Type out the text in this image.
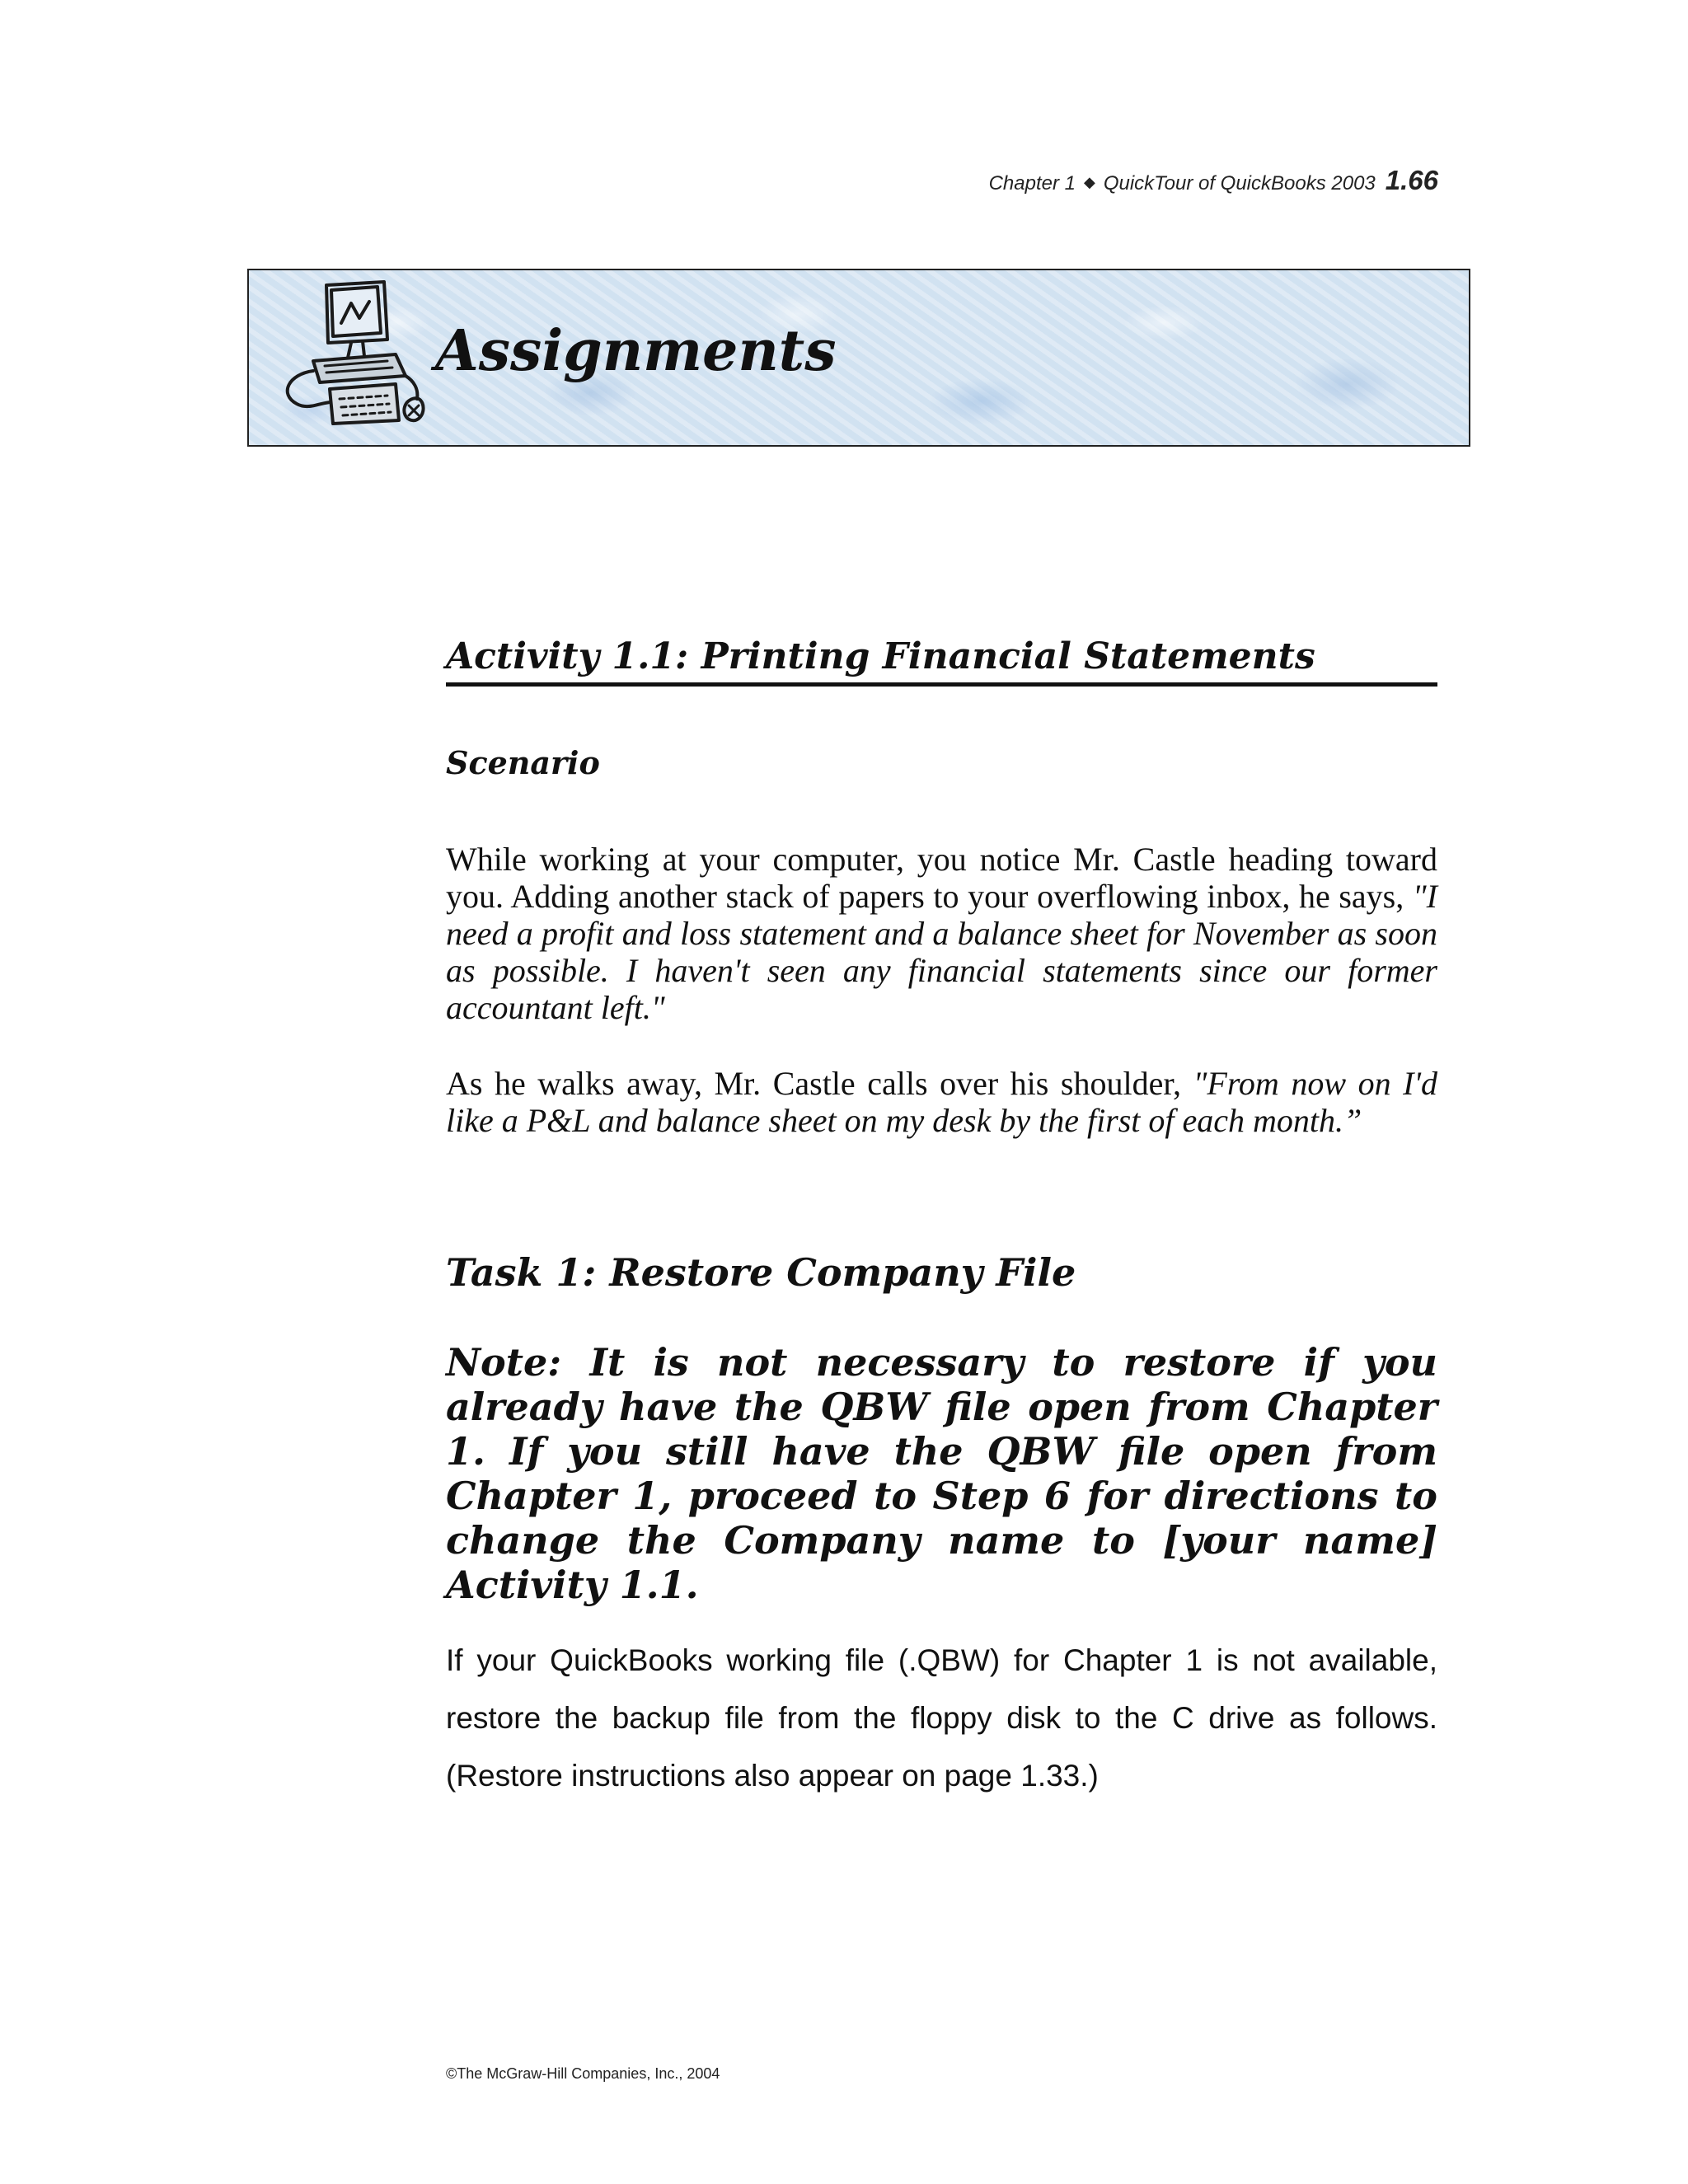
Chapter 1 ◆ QuickTour of QuickBooks 2003 1.66
Assignments
Activity 1.1: Printing Financial Statements
Scenario
While working at your computer, you notice Mr. Castle heading toward you. Adding another stack of papers to your overflowing inbox, he says, "I need a profit and loss statement and a balance sheet for November as soon as possible. I haven't seen any financial statements since our former accountant left."
As he walks away, Mr. Castle calls over his shoulder, "From now on I'd like a P&L and balance sheet on my desk by the first of each month.”
Task 1: Restore Company File
Note: It is not necessary to restore if you already have the QBW file open from Chapter 1. If you still have the QBW file open from Chapter 1, proceed to Step 6 for directions to change the Company name to [your name] Activity 1.1.
If your QuickBooks working file (.QBW) for Chapter 1 is not available, restore the backup file from the floppy disk to the C drive as follows. (Restore instructions also appear on page 1.33.)
©The McGraw-Hill Companies, Inc., 2004
